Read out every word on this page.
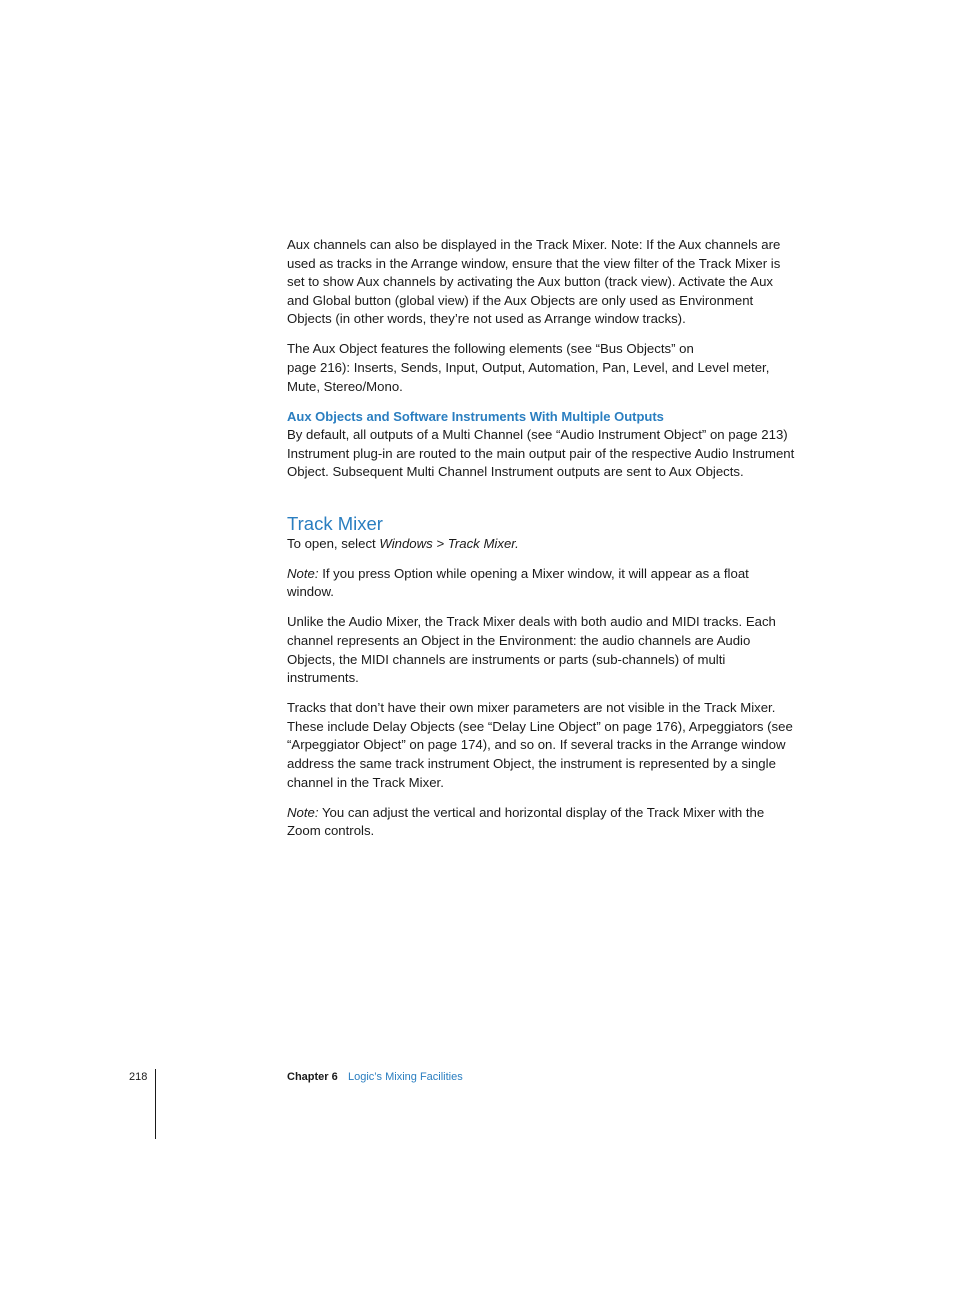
Aux channels can also be displayed in the Track Mixer. Note: If the Aux channels are used as tracks in the Arrange window, ensure that the view filter of the Track Mixer is set to show Aux channels by activating the Aux button (track view). Activate the Aux and Global button (global view) if the Aux Objects are only used as Environment Objects (in other words, they’re not used as Arrange window tracks).

The Aux Object features the following elements (see “Bus Objects” on
page 216): Inserts, Sends, Input, Output, Automation, Pan, Level, and Level meter, Mute, Stereo/Mono.

Aux Objects and Software Instruments With Multiple Outputs

By default, all outputs of a Multi Channel (see “Audio Instrument Object” on page 213) Instrument plug-in are routed to the main output pair of the respective Audio Instrument Object. Subsequent Multi Channel Instrument outputs are sent to Aux Objects.

Track Mixer

To open, select Windows > Track Mixer.

Note: If you press Option while opening a Mixer window, it will appear as a float window.

Unlike the Audio Mixer, the Track Mixer deals with both audio and MIDI tracks. Each channel represents an Object in the Environment: the audio channels are Audio Objects, the MIDI channels are instruments or parts (sub-channels) of multi instruments.

Tracks that don’t have their own mixer parameters are not visible in the Track Mixer. These include Delay Objects (see “Delay Line Object” on page 176), Arpeggiators (see “Arpeggiator Object” on page 174), and so on. If several tracks in the Arrange window address the same track instrument Object, the instrument is represented by a single channel in the Track Mixer.

Note: You can adjust the vertical and horizontal display of the Track Mixer with the Zoom controls.

218	Chapter 6 Logic’s Mixing Facilities
